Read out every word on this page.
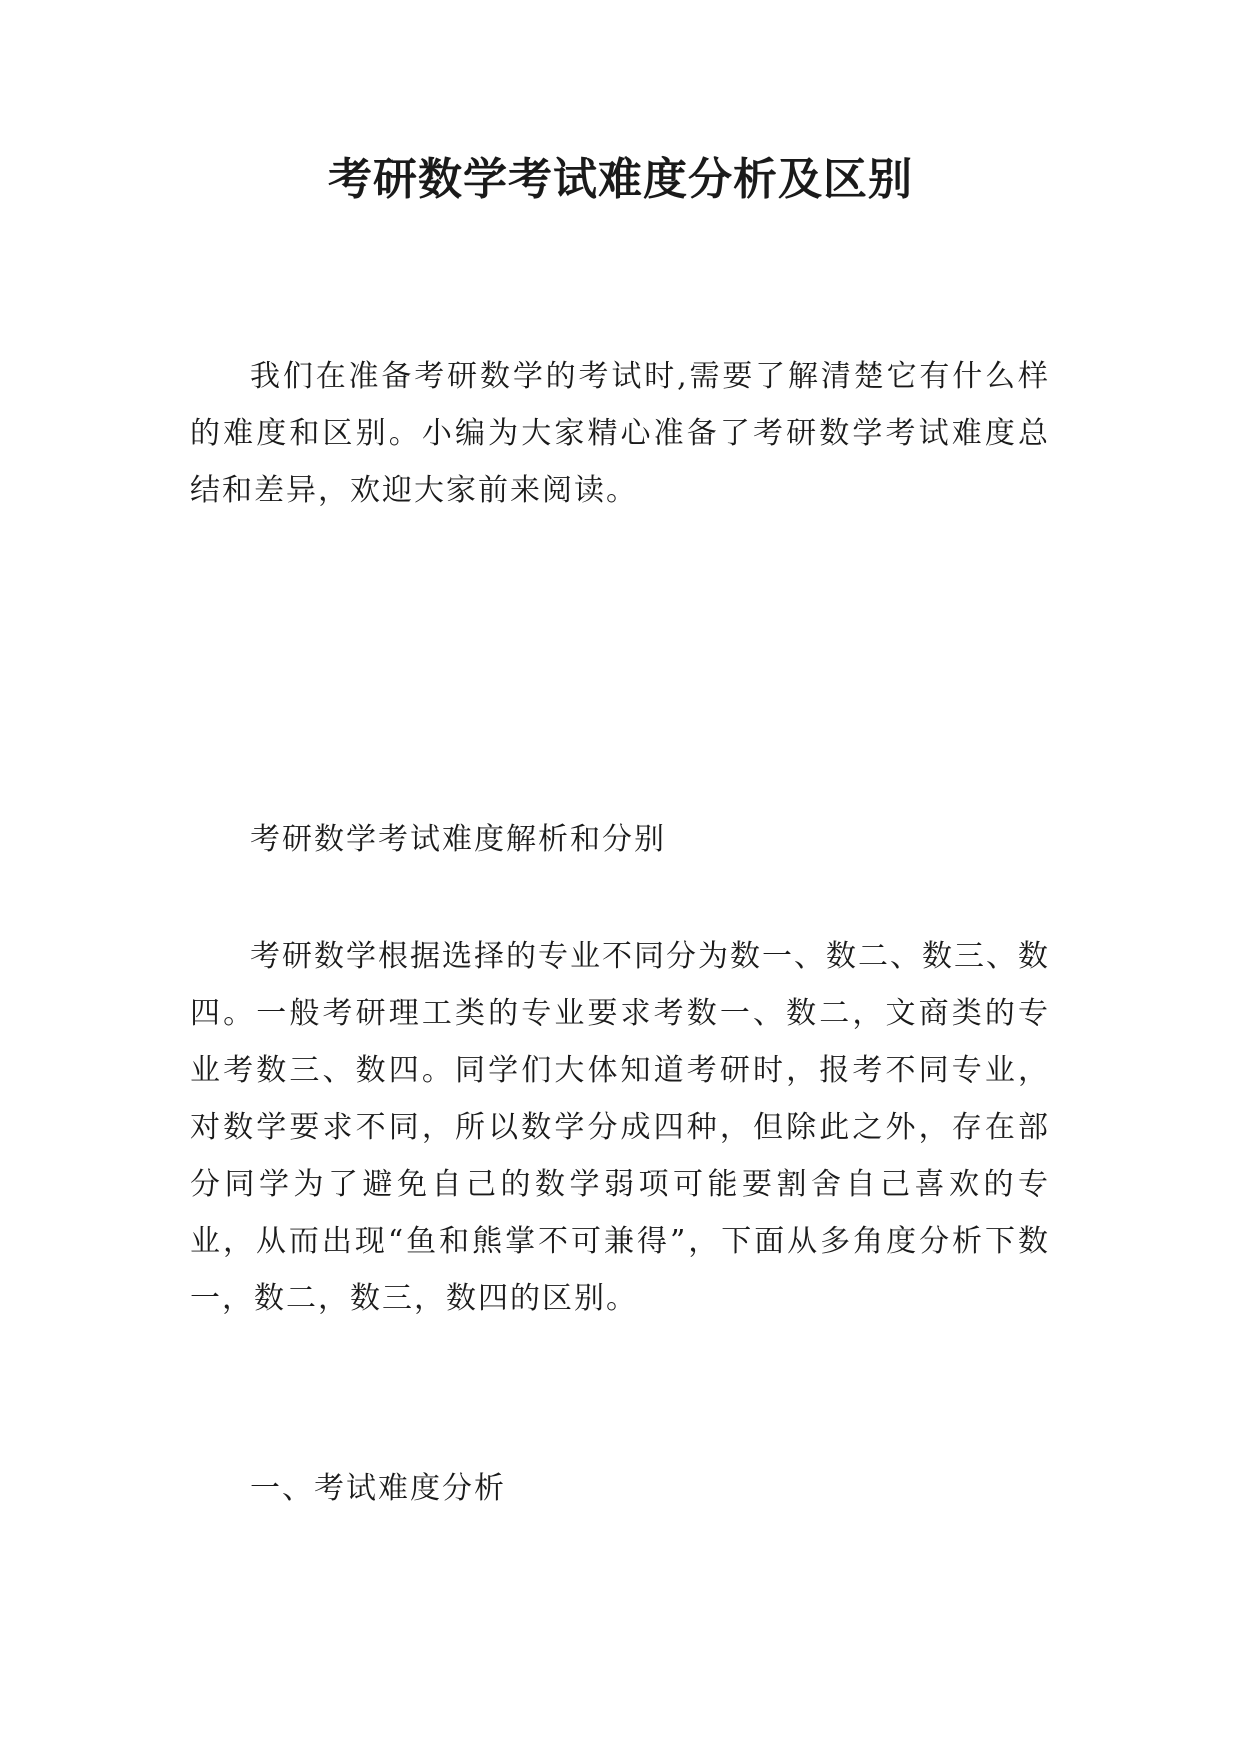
考研数学考试难度分析及区别

我们在准备考研数学的考试时,需要了解清楚它有什么样的难度和区别。小编为大家精心准备了考研数学考试难度总结和差异，欢迎大家前来阅读。

考研数学考试难度解析和分别

考研数学根据选择的专业不同分为数一、数二、数三、数四。一般考研理工类的专业要求考数一、数二，文商类的专业考数三、数四。同学们大体知道考研时，报考不同专业，对数学要求不同，所以数学分成四种，但除此之外，存在部分同学为了避免自己的数学弱项可能要割舍自己喜欢的专业，从而出现“鱼和熊掌不可兼得”，下面从多角度分析下数一，数二，数三，数四的区别。

一、考试难度分析
